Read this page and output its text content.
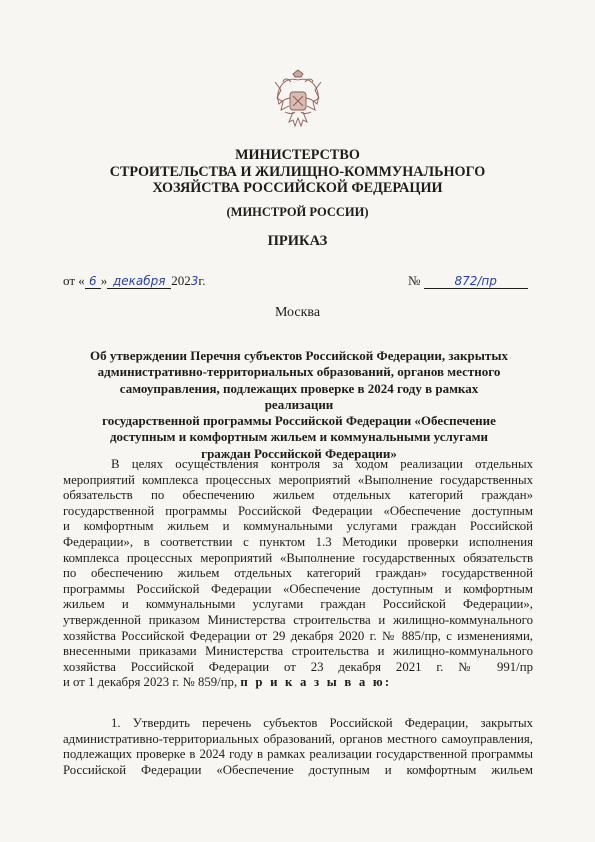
МИНИСТЕРСТВО
СТРОИТЕЛЬСТВА И ЖИЛИЩНО-КОММУНАЛЬНОГО
ХОЗЯЙСТВА РОССИЙСКОЙ ФЕДЕРАЦИИ
(МИНСТРОЙ РОССИИ)
ПРИКАЗ
от « 6 » декабря 2023г.	№	872/пр
Москва
Об утверждении Перечня субъектов Российской Федерации, закрытых
административно-территориальных образований, органов местного
самоуправления, подлежащих проверке в 2024 году в рамках реализации
государственной программы Российской Федерации «Обеспечение
доступным и комфортным жильем и коммунальными услугами
граждан Российской Федерации»
В целях осуществления контроля за ходом реализации отдельных
мероприятий комплекса процессных мероприятий «Выполнение государственных
обязательств по обеспечению жильем отдельных категорий граждан»
государственной программы Российской Федерации «Обеспечение доступным
и комфортным жильем и коммунальными услугами граждан Российской
Федерации», в соответствии с пунктом 1.3 Методики проверки исполнения
комплекса процессных мероприятий «Выполнение государственных обязательств
по обеспечению жильем отдельных категорий граждан» государственной
программы Российской Федерации «Обеспечение доступным и комфортным
жильем и коммунальными услугами граждан Российской Федерации»,
утвержденной приказом Министерства строительства и жилищно-коммунального
хозяйства Российской Федерации от 29 декабря 2020 г. № 885/пр, с изменениями,
внесенными приказами Министерства строительства и жилищно-коммунального
хозяйства Российской Федерации от 23 декабря 2021 г. № 991/пр
и от 1 декабря 2023 г. № 859/пр, п р и к а з ы в а ю:
1. Утвердить перечень субъектов Российской Федерации, закрытых
административно-территориальных образований, органов местного самоуправления,
подлежащих проверке в 2024 году в рамках реализации государственной программы
Российской Федерации «Обеспечение доступным и комфортным жильем
